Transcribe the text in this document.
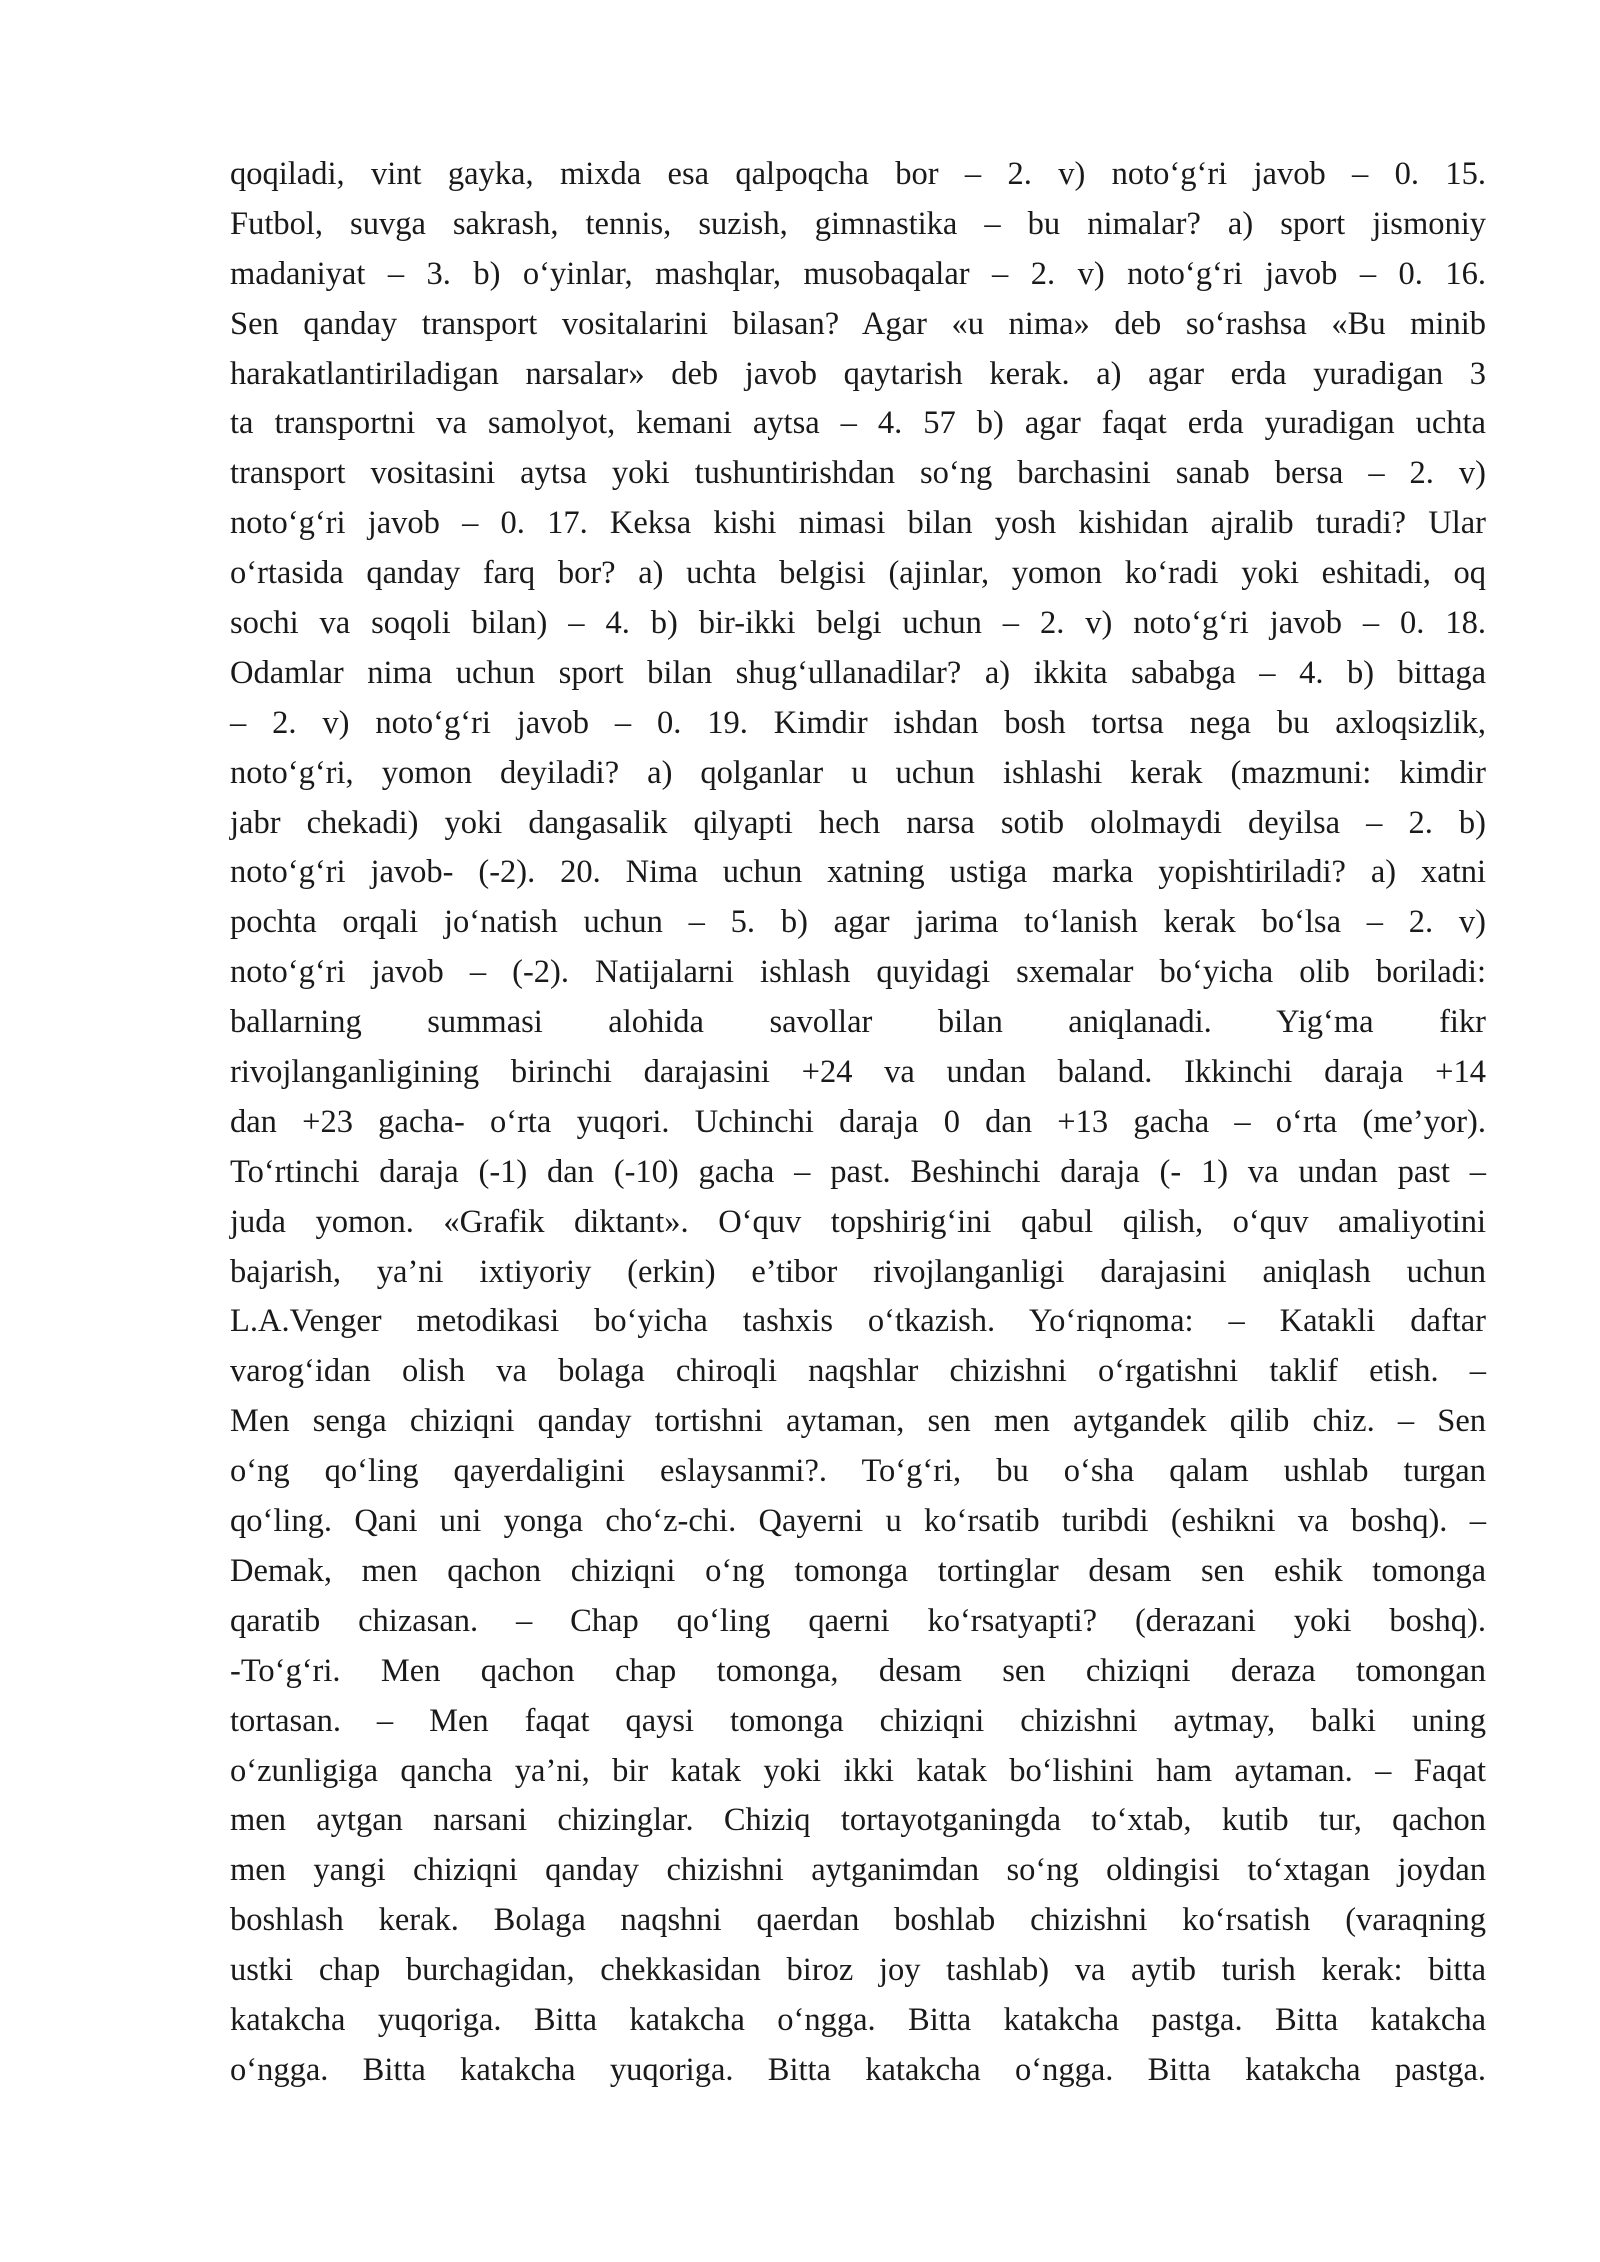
qoqiladi, vint gayka, mixda esa qalpoqcha bor – 2. v) noto‘g‘ri javob – 0. 15.
Futbol, suvga sakrash, tennis, suzish, gimnastika – bu nimalar? a) sport jismoniy
madaniyat – 3. b) o‘yinlar, mashqlar, musobaqalar – 2. v) noto‘g‘ri javob – 0. 16.
Sen qanday transport vositalarini bilasan? Agar «u nima» deb so‘rashsa «Bu minib
harakatlantiriladigan narsalar» deb javob qaytarish kerak. a) agar erda yuradigan 3
ta transportni va samolyot, kemani aytsa – 4. 57 b) agar faqat erda yuradigan uchta
transport vositasini aytsa yoki tushuntirishdan so‘ng barchasini sanab bersa – 2. v)
noto‘g‘ri javob – 0. 17. Keksa kishi nimasi bilan yosh kishidan ajralib turadi? Ular
o‘rtasida qanday farq bor? a) uchta belgisi (ajinlar, yomon ko‘radi yoki eshitadi, oq
sochi va soqoli bilan) – 4. b) bir-ikki belgi uchun – 2. v) noto‘g‘ri javob – 0. 18.
Odamlar nima uchun sport bilan shug‘ullanadilar? a) ikkita sababga – 4. b) bittaga
– 2. v) noto‘g‘ri javob – 0. 19. Kimdir ishdan bosh tortsa nega bu axloqsizlik,
noto‘g‘ri, yomon deyiladi? a) qolganlar u uchun ishlashi kerak (mazmuni: kimdir
jabr chekadi) yoki dangasalik qilyapti hech narsa sotib ololmaydi deyilsa – 2. b)
noto‘g‘ri javob- (-2). 20. Nima uchun xatning ustiga marka yopishtiriladi? a) xatni
pochta orqali jo‘natish uchun – 5. b) agar jarima to‘lanish kerak bo‘lsa – 2. v)
noto‘g‘ri javob – (-2). Natijalarni ishlash quyidagi sxemalar bo‘yicha olib boriladi:
ballarning summasi alohida savollar bilan aniqlanadi. Yig‘ma fikr
rivojlanganligining birinchi darajasini +24 va undan baland. Ikkinchi daraja +14
dan +23 gacha- o‘rta yuqori. Uchinchi daraja 0 dan +13 gacha – o‘rta (me’yor).
To‘rtinchi daraja (-1) dan (-10) gacha – past. Beshinchi daraja (- 1) va undan past –
juda yomon. «Grafik diktant». O‘quv topshirig‘ini qabul qilish, o‘quv amaliyotini
bajarish, ya’ni ixtiyoriy (erkin) e’tibor rivojlanganligi darajasini aniqlash uchun
L.A.Venger metodikasi bo‘yicha tashxis o‘tkazish. Yo‘riqnoma: – Katakli daftar
varog‘idan olish va bolaga chiroqli naqshlar chizishni o‘rgatishni taklif etish. –
Men senga chiziqni qanday tortishni aytaman, sen men aytgandek qilib chiz. – Sen
o‘ng qo‘ling qayerdaligini eslaysanmi?. To‘g‘ri, bu o‘sha qalam ushlab turgan
qo‘ling. Qani uni yonga cho‘z-chi. Qayerni u ko‘rsatib turibdi (eshikni va boshq). –
Demak, men qachon chiziqni o‘ng tomonga tortinglar desam sen eshik tomonga
qaratib chizasan. – Chap qo‘ling qaerni ko‘rsatyapti? (derazani yoki boshq).
-To‘g‘ri. Men qachon chap tomonga, desam sen chiziqni deraza tomongan
tortasan. – Men faqat qaysi tomonga chiziqni chizishni aytmay, balki uning
o‘zunligiga qancha ya’ni, bir katak yoki ikki katak bo‘lishini ham aytaman. – Faqat
men aytgan narsani chizinglar. Chiziq tortayotganingda to‘xtab, kutib tur, qachon
men yangi chiziqni qanday chizishni aytganimdan so‘ng oldingisi to‘xtagan joydan
boshlash kerak. Bolaga naqshni qaerdan boshlab chizishni ko‘rsatish (varaqning
ustki chap burchagidan, chekkasidan biroz joy tashlab) va aytib turish kerak: bitta
katakcha yuqoriga. Bitta katakcha o‘ngga. Bitta katakcha pastga. Bitta katakcha
o‘ngga. Bitta katakcha yuqoriga. Bitta katakcha o‘ngga. Bitta katakcha pastga.
